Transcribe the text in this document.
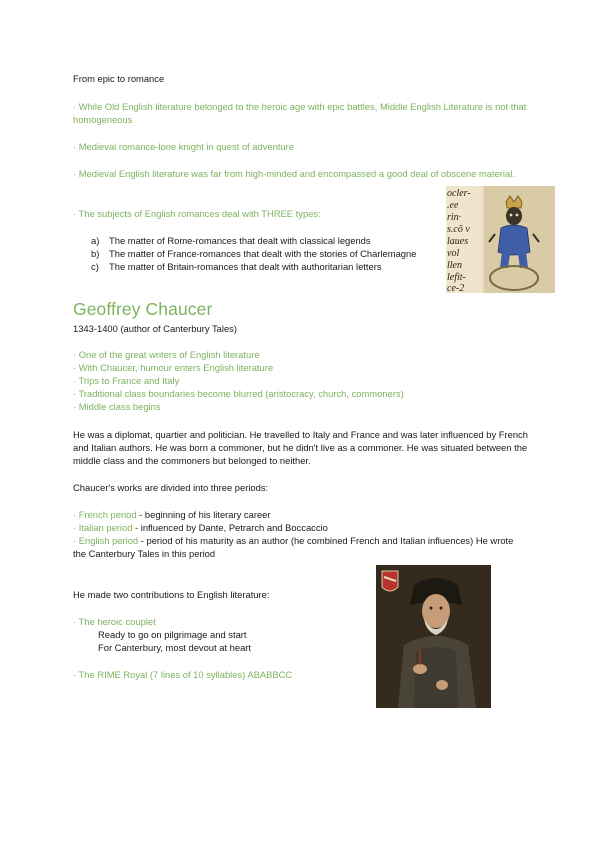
From epic to romance
· While Old English literature belonged to the heroic age with epic battles, Middle English Literature is not that homogeneous
· Medieval romance-lone knight in quest of adventure
· Medieval English literature was far from high-minded and encompassed a good deal of obscene material.
· The subjects of English romances deal with THREE types:
a) The matter of Rome-romances that dealt with classical legends
b) The matter of France-romances that dealt with the stories of Charlemagne
c) The matter of Britain-romances that dealt with authoritarian letters
ocler-
.ee
rin·
s.cõ v
laues
vol
llen
lefit-
ce-2
Geoffrey Chaucer
1343-1400 (author of Canterbury Tales)
· One of the great writers of English literature
· With Chaucer, humour enters English literature
· Trips to France and Italy
· Traditional class boundaries become blurred (aristocracy, church, commoners)
· Middle class begins
He was a diplomat, quartier and politician. He travelled to Italy and France and was later influenced by French and Italian authors. He was born a commoner, but he didn't live as a commoner. He was situated between the middle class and the commoners but belonged to neither.
Chaucer's works are divided into three periods:
· French period - beginning of his literary career
· Italian period - influenced by Dante, Petrarch and Boccaccio
· English period - period of his maturity as an author (he combined French and Italian influences) He wrote the Canterbury Tales in this period
He made two contributions to English literature:
· The heroic couplet
Ready to go on pilgrimage and start
For Canterbury, most devout at heart
· The RIME Royal (7 lines of 10 syllables) ABABBCC
